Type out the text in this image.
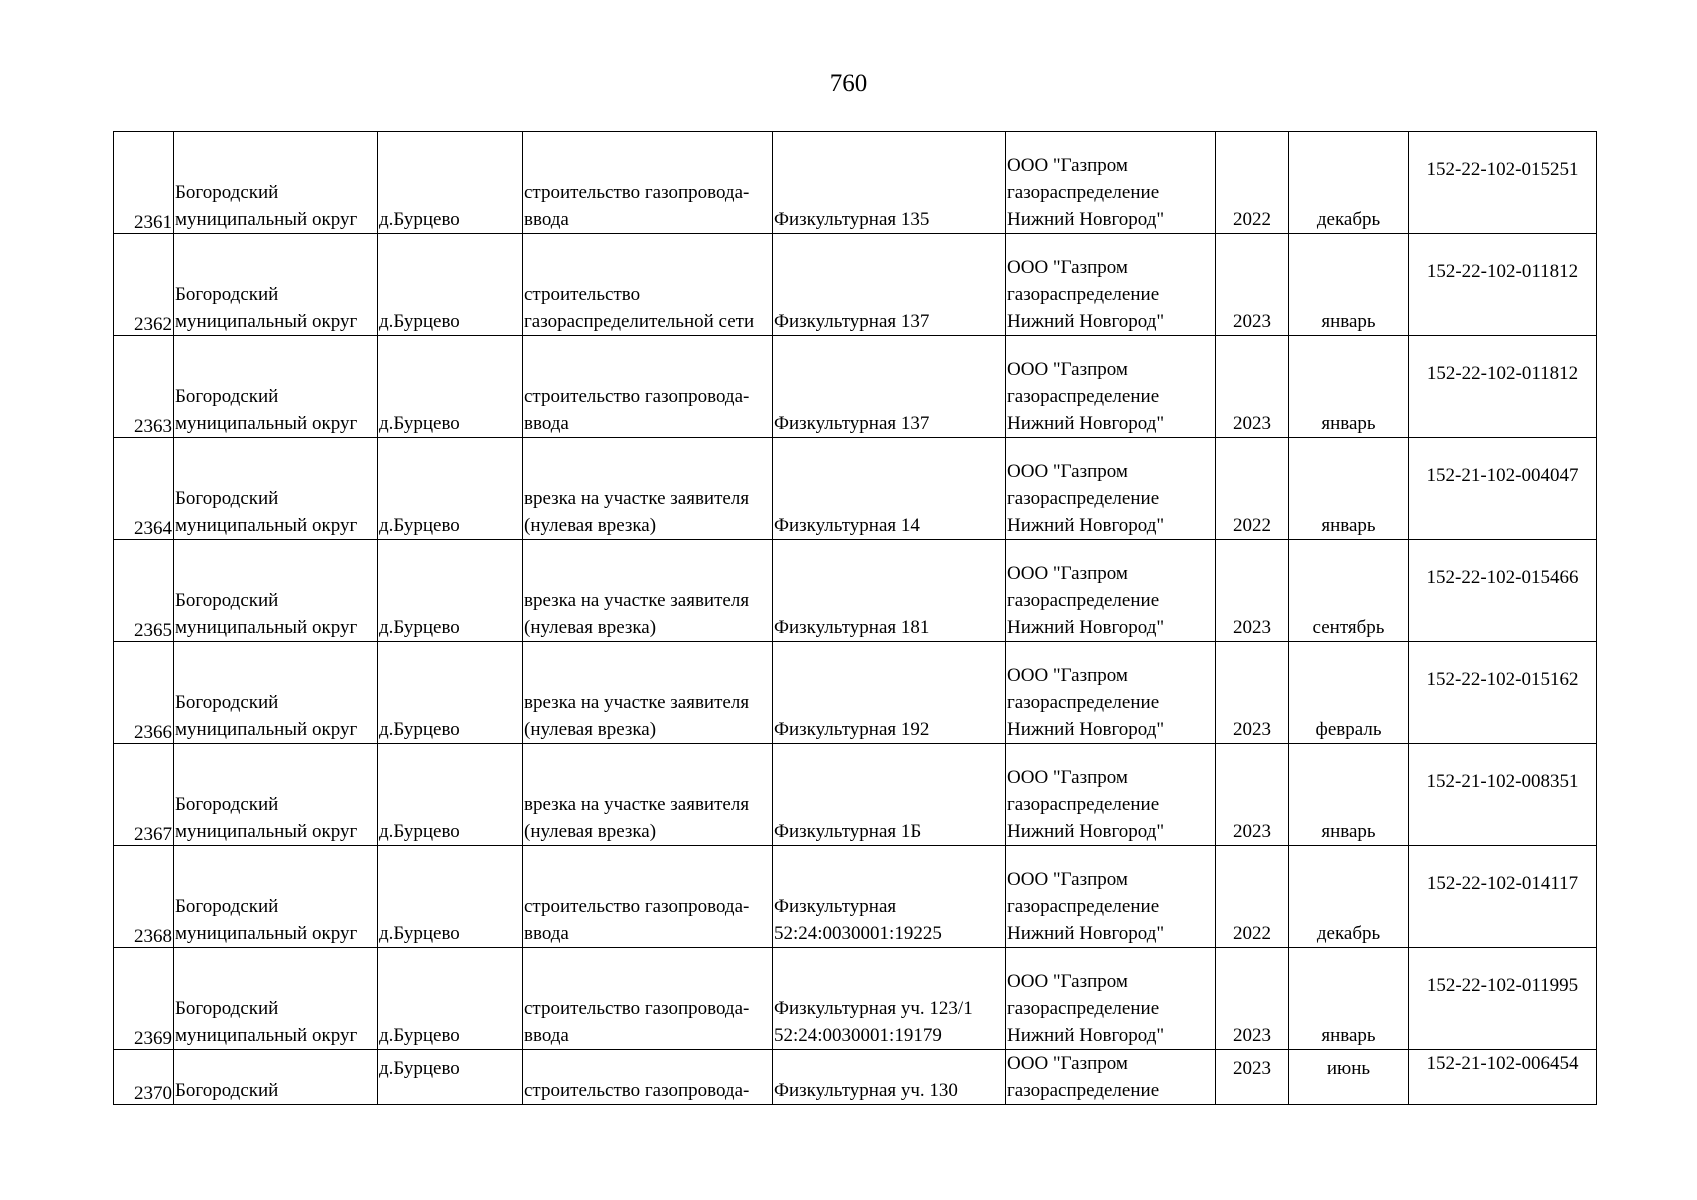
760
2361	Богородский
муниципальный округ	д.Бурцево	строительство газопровода-
ввода	Физкультурная 135	ООО "Газпром
газораспределение
Нижний Новгород"	2022	декабрь	152-22-102-015251
2362	Богородский
муниципальный округ	д.Бурцево	строительство
газораспределительной сети	Физкультурная 137	ООО "Газпром
газораспределение
Нижний Новгород"	2023	январь	152-22-102-011812
2363	Богородский
муниципальный округ	д.Бурцево	строительство газопровода-
ввода	Физкультурная 137	ООО "Газпром
газораспределение
Нижний Новгород"	2023	январь	152-22-102-011812
2364	Богородский
муниципальный округ	д.Бурцево	врезка на участке заявителя
(нулевая врезка)	Физкультурная 14	ООО "Газпром
газораспределение
Нижний Новгород"	2022	январь	152-21-102-004047
2365	Богородский
муниципальный округ	д.Бурцево	врезка на участке заявителя
(нулевая врезка)	Физкультурная 181	ООО "Газпром
газораспределение
Нижний Новгород"	2023	сентябрь	152-22-102-015466
2366	Богородский
муниципальный округ	д.Бурцево	врезка на участке заявителя
(нулевая врезка)	Физкультурная 192	ООО "Газпром
газораспределение
Нижний Новгород"	2023	февраль	152-22-102-015162
2367	Богородский
муниципальный округ	д.Бурцево	врезка на участке заявителя
(нулевая врезка)	Физкультурная 1Б	ООО "Газпром
газораспределение
Нижний Новгород"	2023	январь	152-21-102-008351
2368	Богородский
муниципальный округ	д.Бурцево	строительство газопровода-
ввода	Физкультурная
52:24:0030001:19225	ООО "Газпром
газораспределение
Нижний Новгород"	2022	декабрь	152-22-102-014117
2369	Богородский
муниципальный округ	д.Бурцево	строительство газопровода-
ввода	Физкультурная уч. 123/1
52:24:0030001:19179	ООО "Газпром
газораспределение
Нижний Новгород"	2023	январь	152-22-102-011995
2370	Богородский	д.Бурцево	строительство газопровода-	Физкультурная уч. 130	ООО "Газпром
газораспределение	2023	июнь	152-21-102-006454
